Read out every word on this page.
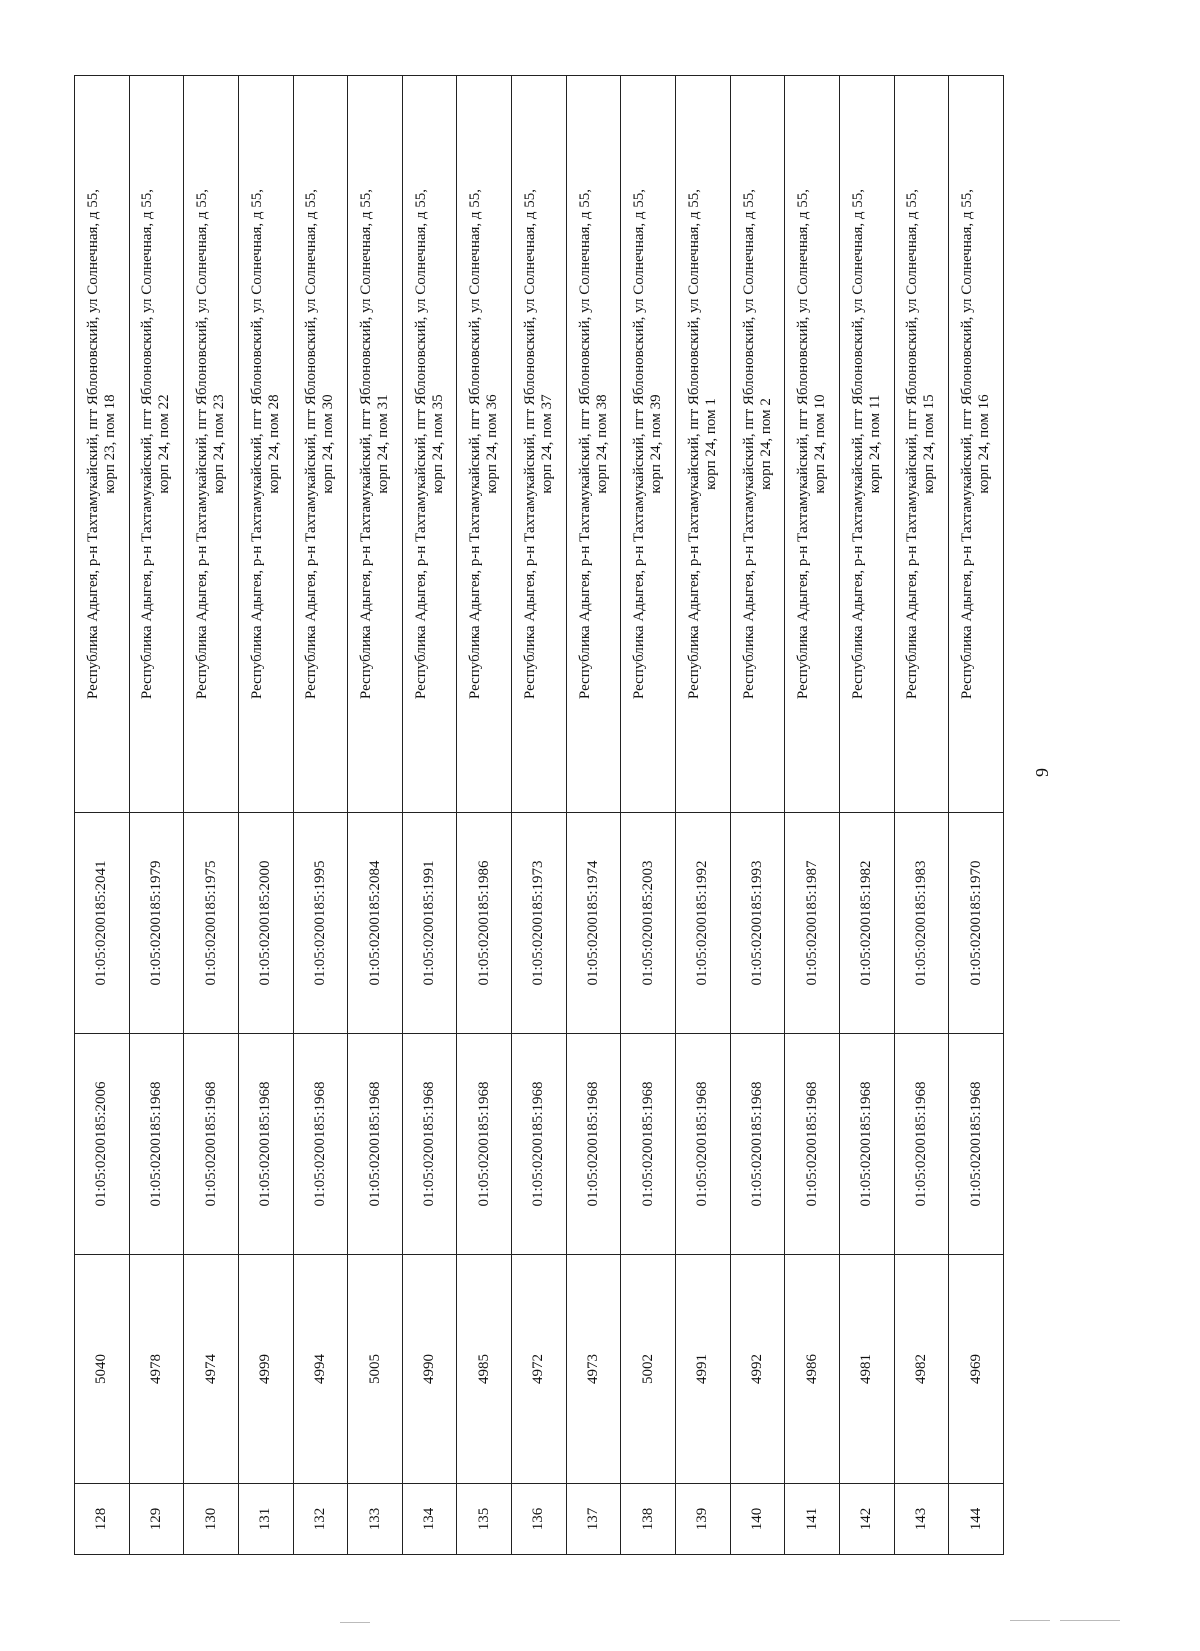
128	5040	01:05:0200185:2006	01:05:0200185:2041	Республика Адыгея, р-н Тахтамукайский, пгт Яблоновский, ул Солнечная, д 55, корп 23, пом 18

129	4978	01:05:0200185:1968	01:05:0200185:1979	Республика Адыгея, р-н Тахтамукайский, пгт Яблоновский, ул Солнечная, д 55, корп 24, пом 22

130	4974	01:05:0200185:1968	01:05:0200185:1975	Республика Адыгея, р-н Тахтамукайский, пгт Яблоновский, ул Солнечная, д 55, корп 24, пом 23

131	4999	01:05:0200185:1968	01:05:0200185:2000	Республика Адыгея, р-н Тахтамукайский, пгт Яблоновский, ул Солнечная, д 55, корп 24, пом 28

132	4994	01:05:0200185:1968	01:05:0200185:1995	Республика Адыгея, р-н Тахтамукайский, пгт Яблоновский, ул Солнечная, д 55, корп 24, пом 30

133	5005	01:05:0200185:1968	01:05:0200185:2084	Республика Адыгея, р-н Тахтамукайский, пгт Яблоновский, ул Солнечная, д 55, корп 24, пом 31

134	4990	01:05:0200185:1968	01:05:0200185:1991	Республика Адыгея, р-н Тахтамукайский, пгт Яблоновский, ул Солнечная, д 55, корп 24, пом 35

135	4985	01:05:0200185:1968	01:05:0200185:1986	Республика Адыгея, р-н Тахтамукайский, пгт Яблоновский, ул Солнечная, д 55, корп 24, пом 36

136	4972	01:05:0200185:1968	01:05:0200185:1973	Республика Адыгея, р-н Тахтамукайский, пгт Яблоновский, ул Солнечная, д 55, корп 24, пом 37

137	4973	01:05:0200185:1968	01:05:0200185:1974	Республика Адыгея, р-н Тахтамукайский, пгт Яблоновский, ул Солнечная, д 55, корп 24, пом 38

138	5002	01:05:0200185:1968	01:05:0200185:2003	Республика Адыгея, р-н Тахтамукайский, пгт Яблоновский, ул Солнечная, д 55, корп 24, пом 39

139	4991	01:05:0200185:1968	01:05:0200185:1992	Республика Адыгея, р-н Тахтамукайский, пгт Яблоновский, ул Солнечная, д 55, корп 24, пом 1

140	4992	01:05:0200185:1968	01:05:0200185:1993	Республика Адыгея, р-н Тахтамукайский, пгт Яблоновский, ул Солнечная, д 55, корп 24, пом 2

141	4986	01:05:0200185:1968	01:05:0200185:1987	Республика Адыгея, р-н Тахтамукайский, пгт Яблоновский, ул Солнечная, д 55, корп 24, пом 10

142	4981	01:05:0200185:1968	01:05:0200185:1982	Республика Адыгея, р-н Тахтамукайский, пгт Яблоновский, ул Солнечная, д 55, корп 24, пом 11

143	4982	01:05:0200185:1968	01:05:0200185:1983	Республика Адыгея, р-н Тахтамукайский, пгт Яблоновский, ул Солнечная, д 55, корп 24, пом 15

144	4969	01:05:0200185:1968	01:05:0200185:1970	Республика Адыгея, р-н Тахтамукайский, пгт Яблоновский, ул Солнечная, д 55, корп 24, пом 16
9
